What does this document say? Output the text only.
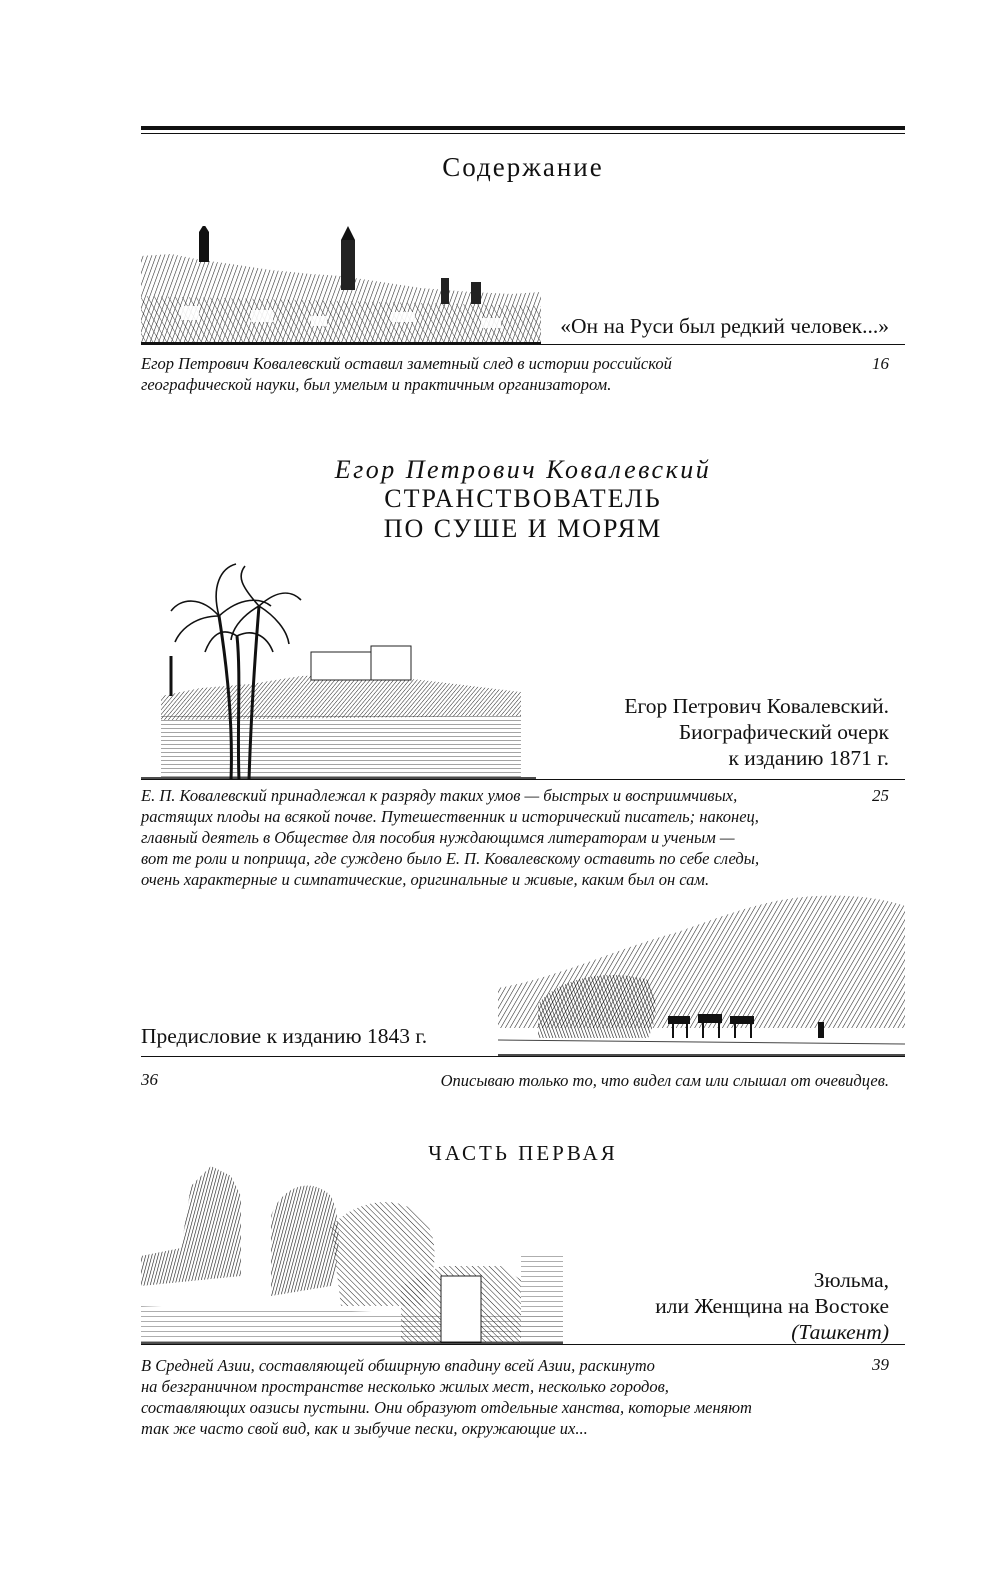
Содержание
«Он на Руси был редкий человек...»
Егор Петрович Ковалевский оставил заметный след в истории российской
географической науки, был умелым и практичным организатором.
16
Егор Петрович Ковалевский
СТРАНСТВОВАТЕЛЬ
ПО СУШЕ И МОРЯМ
Егор Петрович Ковалевский.
Биографический очерк
к изданию 1871 г.
Е. П. Ковалевский принадлежал к разряду таких умов — быстрых и восприимчивых,
растящих плоды на всякой почве. Путешественник и исторический писатель; наконец,
главный деятель в Обществе для пособия нуждающимся литераторам и ученым —
вот те роли и поприща, где суждено было Е. П. Ковалевскому оставить по себе следы,
очень характерные и симпатические, оригинальные и живые, каким был он сам.
25
Предисловие к изданию 1843 г.
36	Описываю только то, что видел сам или слышал от очевидцев.
ЧАСТЬ ПЕРВАЯ
Зюльма,
или Женщина на Востоке
(Ташкент)
В Средней Азии, составляющей обширную впадину всей Азии, раскинуто
на безграничном пространстве несколько жилых мест, несколько городов,
составляющих оазисы пустыни. Они образуют отдельные ханства, которые меняют
так же часто свой вид, как и зыбучие пески, окружающие их...
39
